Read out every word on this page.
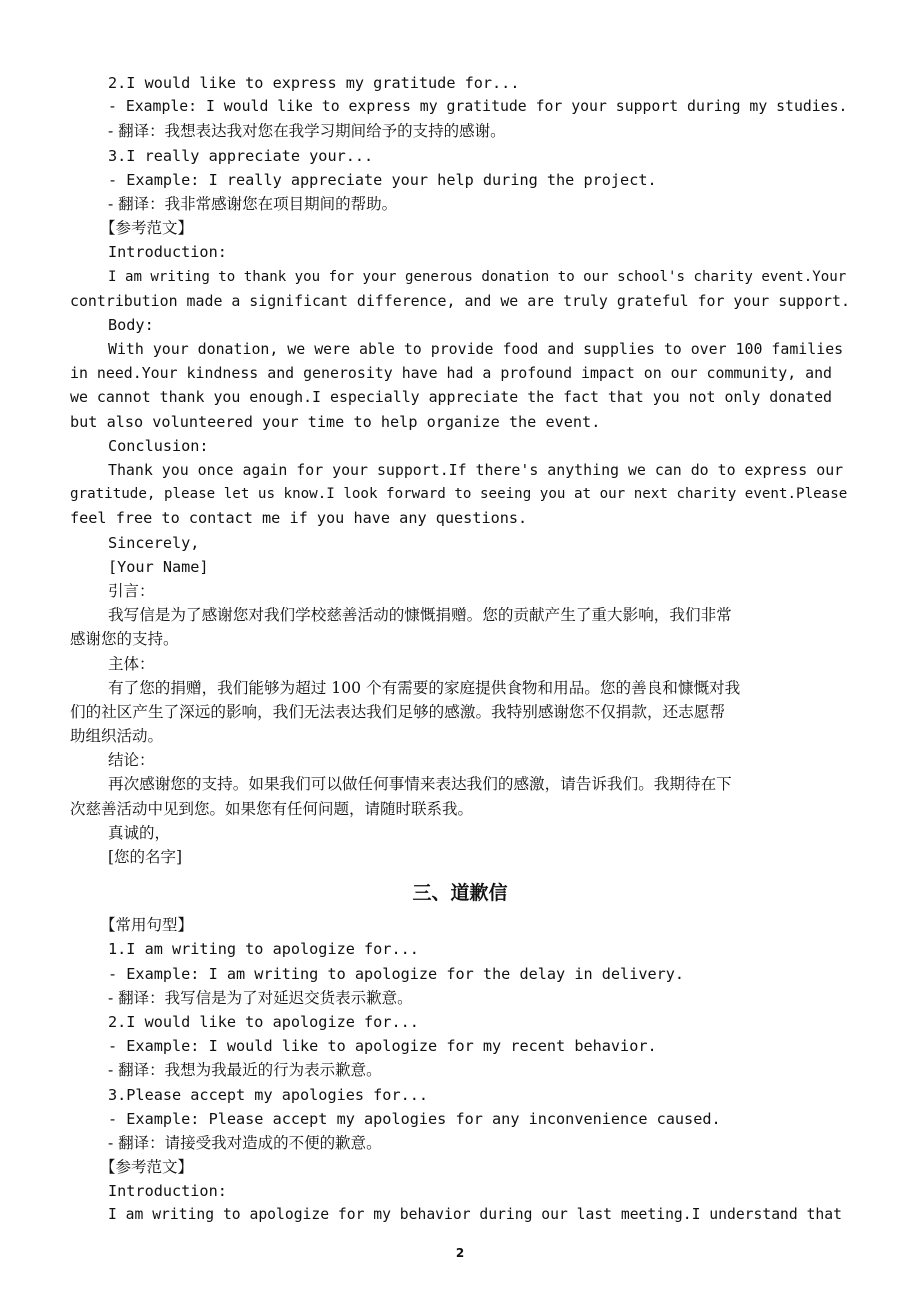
2.I would like to express my gratitude for...
- Example: I would like to express my gratitude for your support during my studies.
- 翻译：我想表达我对您在我学习期间给予的支持的感谢。
3.I really appreciate your...
- Example: I really appreciate your help during the project.
- 翻译：我非常感谢您在项目期间的帮助。
【参考范文】
Introduction:
I am writing to thank you for your generous donation to our school's charity event.Your
contribution made a significant difference, and we are truly grateful for your support.
Body:
With your donation, we were able to provide food and supplies to over 100 families
in need.Your kindness and generosity have had a profound impact on our community, and
we cannot thank you enough.I especially appreciate the fact that you not only donated
but also volunteered your time to help organize the event.
Conclusion:
Thank you once again for your support.If there's anything we can do to express our
gratitude, please let us know.I look forward to seeing you at our next charity event.Please
feel free to contact me if you have any questions.
Sincerely,
[Your Name]
引言：
我写信是为了感谢您对我们学校慈善活动的慷慨捐赠。您的贡献产生了重大影响，我们非常
感谢您的支持。
主体：
有了您的捐赠，我们能够为超过 100 个有需要的家庭提供食物和用品。您的善良和慷慨对我
们的社区产生了深远的影响，我们无法表达我们足够的感激。我特别感谢您不仅捐款，还志愿帮
助组织活动。
结论：
再次感谢您的支持。如果我们可以做任何事情来表达我们的感激，请告诉我们。我期待在下
次慈善活动中见到您。如果您有任何问题，请随时联系我。
真诚的，
[您的名字]
三、道歉信
【常用句型】
1.I am writing to apologize for...
- Example: I am writing to apologize for the delay in delivery.
- 翻译：我写信是为了对延迟交货表示歉意。
2.I would like to apologize for...
- Example: I would like to apologize for my recent behavior.
- 翻译：我想为我最近的行为表示歉意。
3.Please accept my apologies for...
- Example: Please accept my apologies for any inconvenience caused.
- 翻译：请接受我对造成的不便的歉意。
【参考范文】
Introduction:
I am writing to apologize for my behavior during our last meeting.I understand that
2
